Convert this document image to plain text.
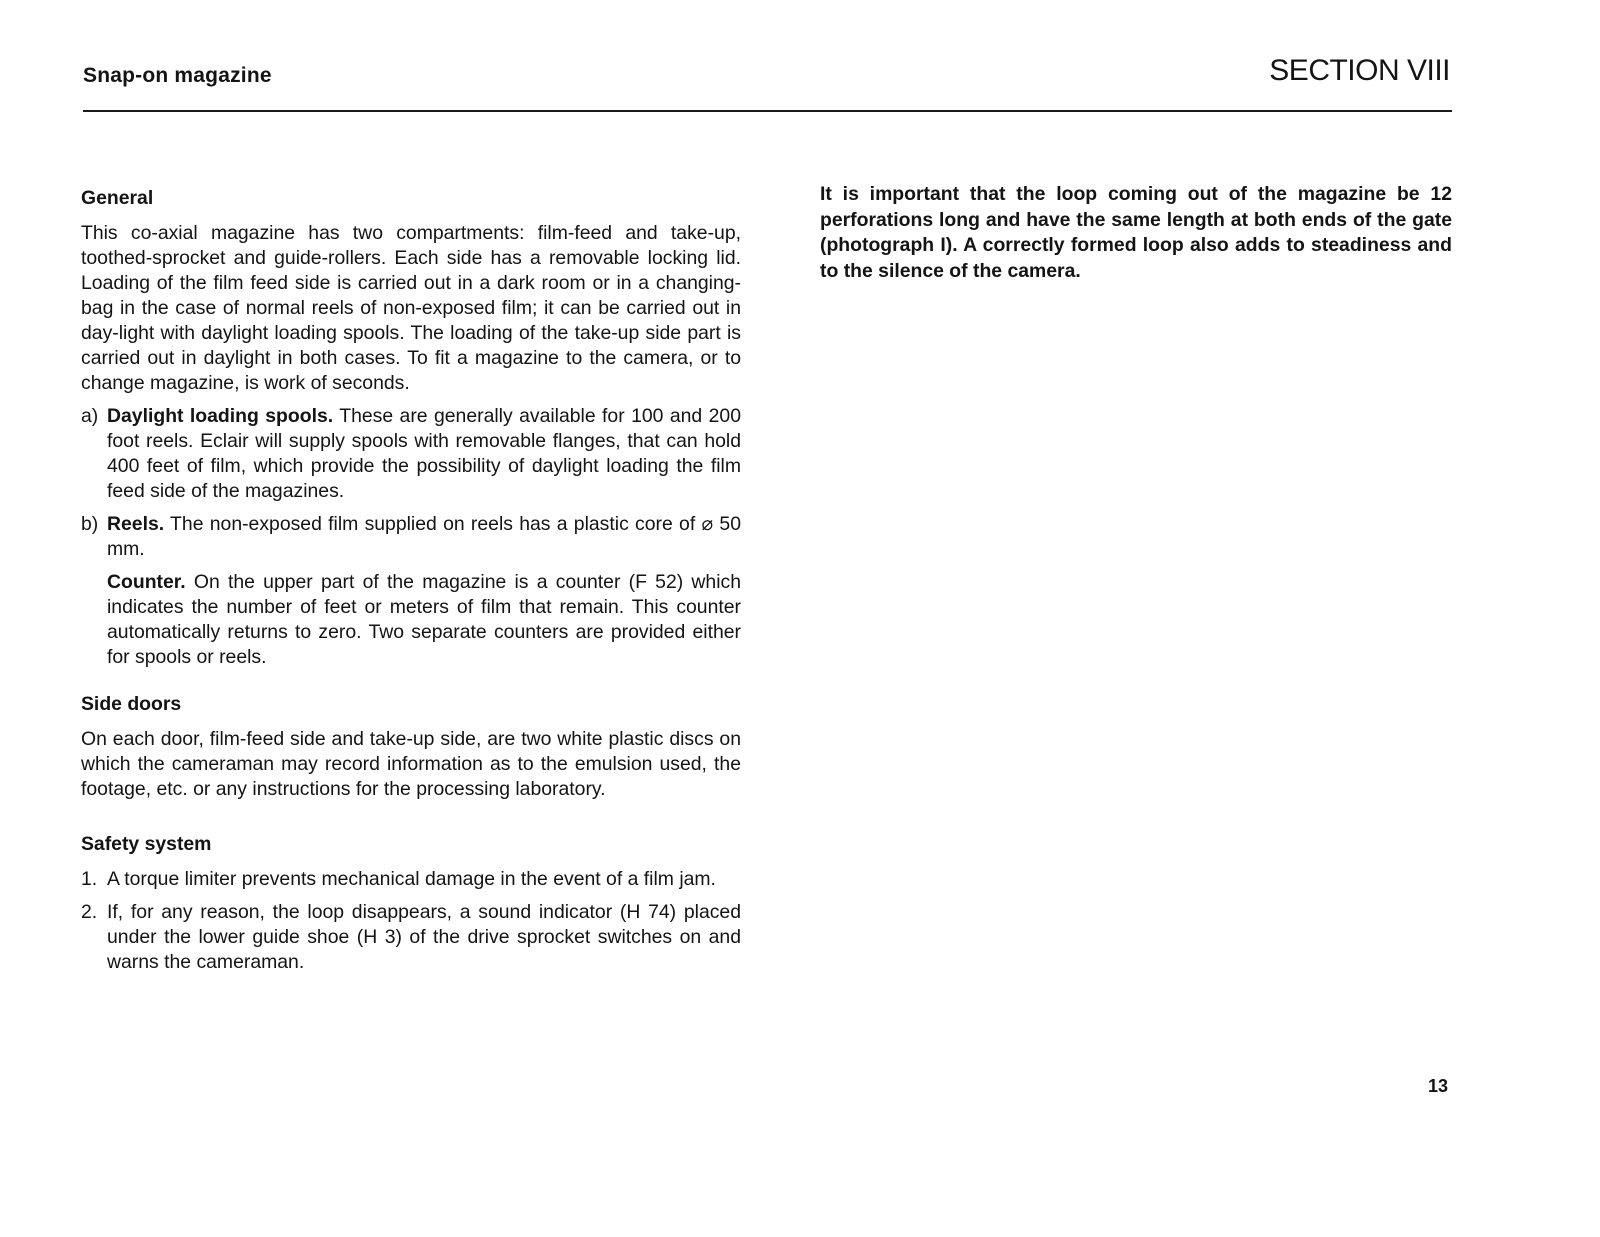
Snap-on magazine	SECTION VIII
General

This co-axial magazine has two compartments: film-feed and take-up, toothed-sprocket and guide-rollers. Each side has a removable locking lid. Loading of the film feed side is carried out in a dark room or in a changing-bag in the case of normal reels of non-exposed film; it can be carried out in day-light with daylight loading spools. The loading of the take-up side part is carried out in daylight in both cases. To fit a magazine to the camera, or to change magazine, is work of seconds.

a) Daylight loading spools. These are generally available for 100 and 200 foot reels. Eclair will supply spools with removable flanges, that can hold 400 feet of film, which provide the possibility of daylight loading the film feed side of the magazines.
b) Reels. The non-exposed film supplied on reels has a plastic core of ⌀ 50 mm.

Counter. On the upper part of the magazine is a counter (F 52) which indicates the number of feet or meters of film that remain. This counter automatically returns to zero. Two separate counters are provided either for spools or reels.

Side doors

On each door, film-feed side and take-up side, are two white plastic discs on which the cameraman may record information as to the emulsion used, the footage, etc. or any instructions for the processing laboratory.

Safety system
1. A torque limiter prevents mechanical damage in the event of a film jam.
2. If, for any reason, the loop disappears, a sound indicator (H 74) placed under the lower guide shoe (H 3) of the drive sprocket switches on and warns the cameraman.

It is important that the loop coming out of the magazine be 12 perforations long and have the same length at both ends of the gate (photograph I). A correctly formed loop also adds to steadiness and to the silence of the camera.

13
